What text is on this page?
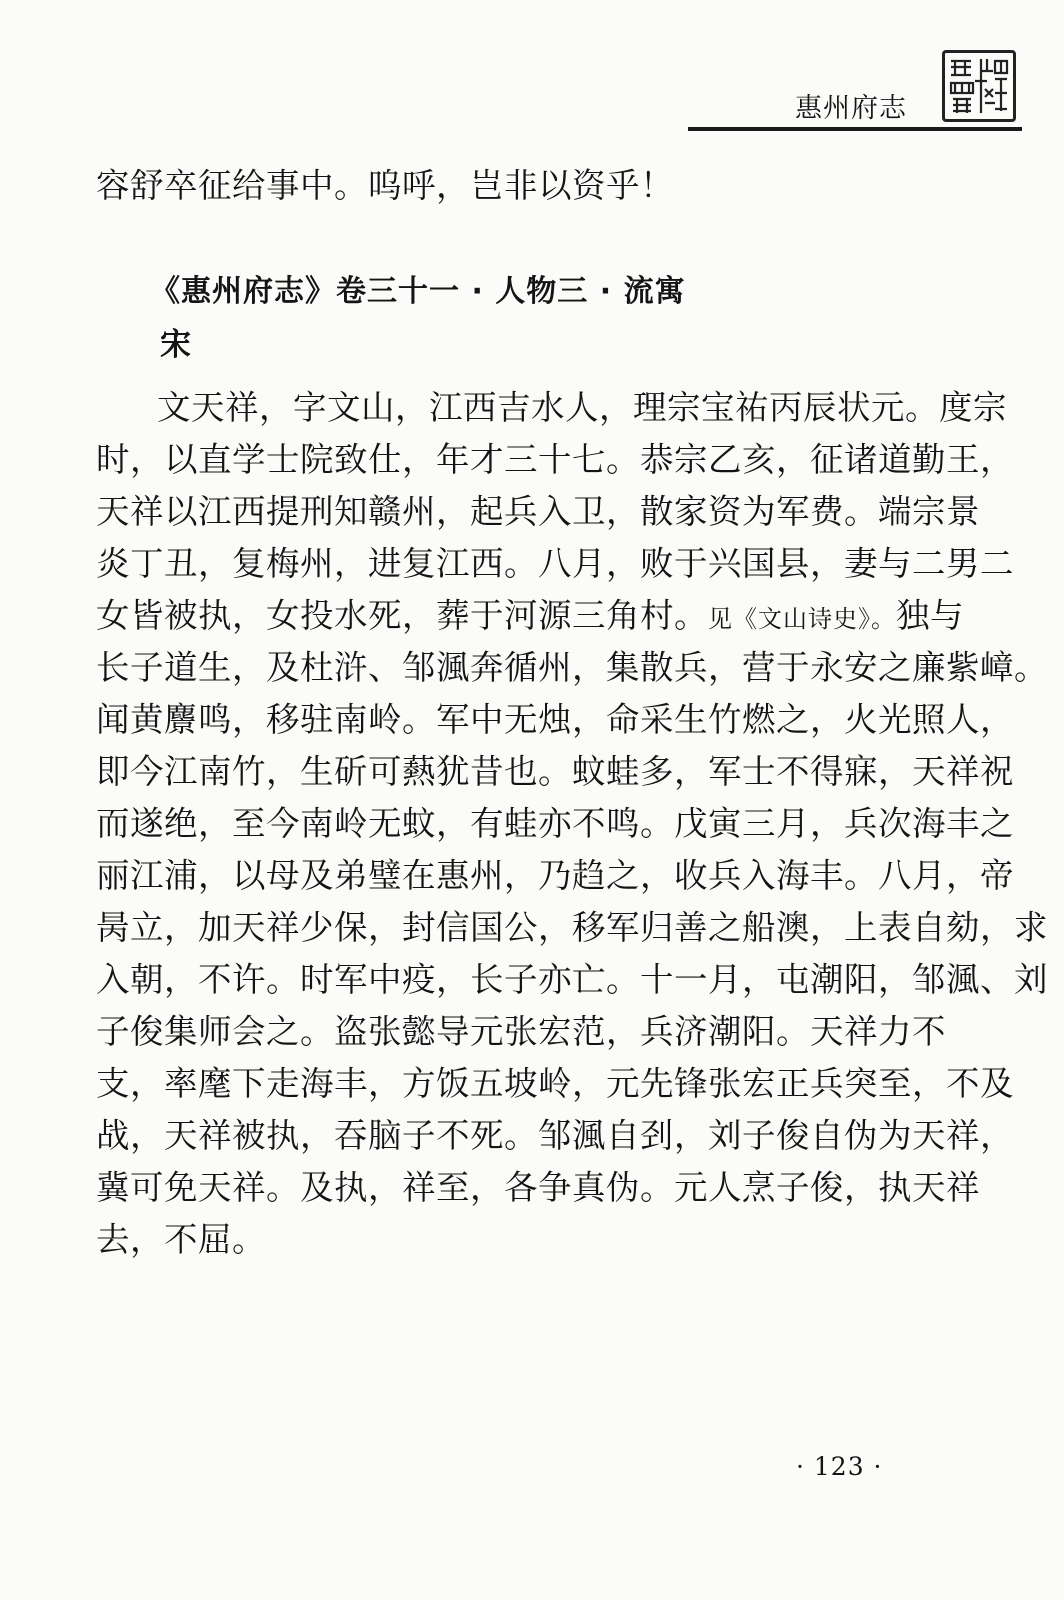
惠州府志
容舒卒征给事中。呜呼，岂非以资乎！
《惠州府志》卷三十一 · 人物三 · 流寓
宋
文天祥，字文山，江西吉水人，理宗宝祐丙辰状元。度宗
时，以直学士院致仕，年才三十七。恭宗乙亥，征诸道勤王，
天祥以江西提刑知赣州，起兵入卫，散家资为军费。端宗景
炎丁丑，复梅州，进复江西。八月，败于兴国县，妻与二男二
女皆被执，女投水死，葬于河源三角村。见《文山诗史》。独与
长子道生，及杜浒、邹渢奔循州，集散兵，营于永安之廉紫嶂。
闻黄麖鸣，移驻南岭。军中无烛，命采生竹燃之，火光照人，
即今江南竹，生斫可爇犹昔也。蚊蛙多，军士不得寐，天祥祝
而遂绝，至今南岭无蚊，有蛙亦不鸣。戊寅三月，兵次海丰之
丽江浦，以母及弟璧在惠州，乃趋之，收兵入海丰。八月，帝
昺立，加天祥少保，封信国公，移军归善之船澳，上表自劾，求
入朝，不许。时军中疫，长子亦亡。十一月，屯潮阳，邹渢、刘
子俊集师会之。盗张懿导元张宏范，兵济潮阳。天祥力不
支，率麾下走海丰，方饭五坡岭，元先锋张宏正兵突至，不及
战，天祥被执，吞脑子不死。邹渢自刭，刘子俊自伪为天祥，
冀可免天祥。及执，祥至，各争真伪。元人烹子俊，执天祥
去，不屈。
· 123 ·
